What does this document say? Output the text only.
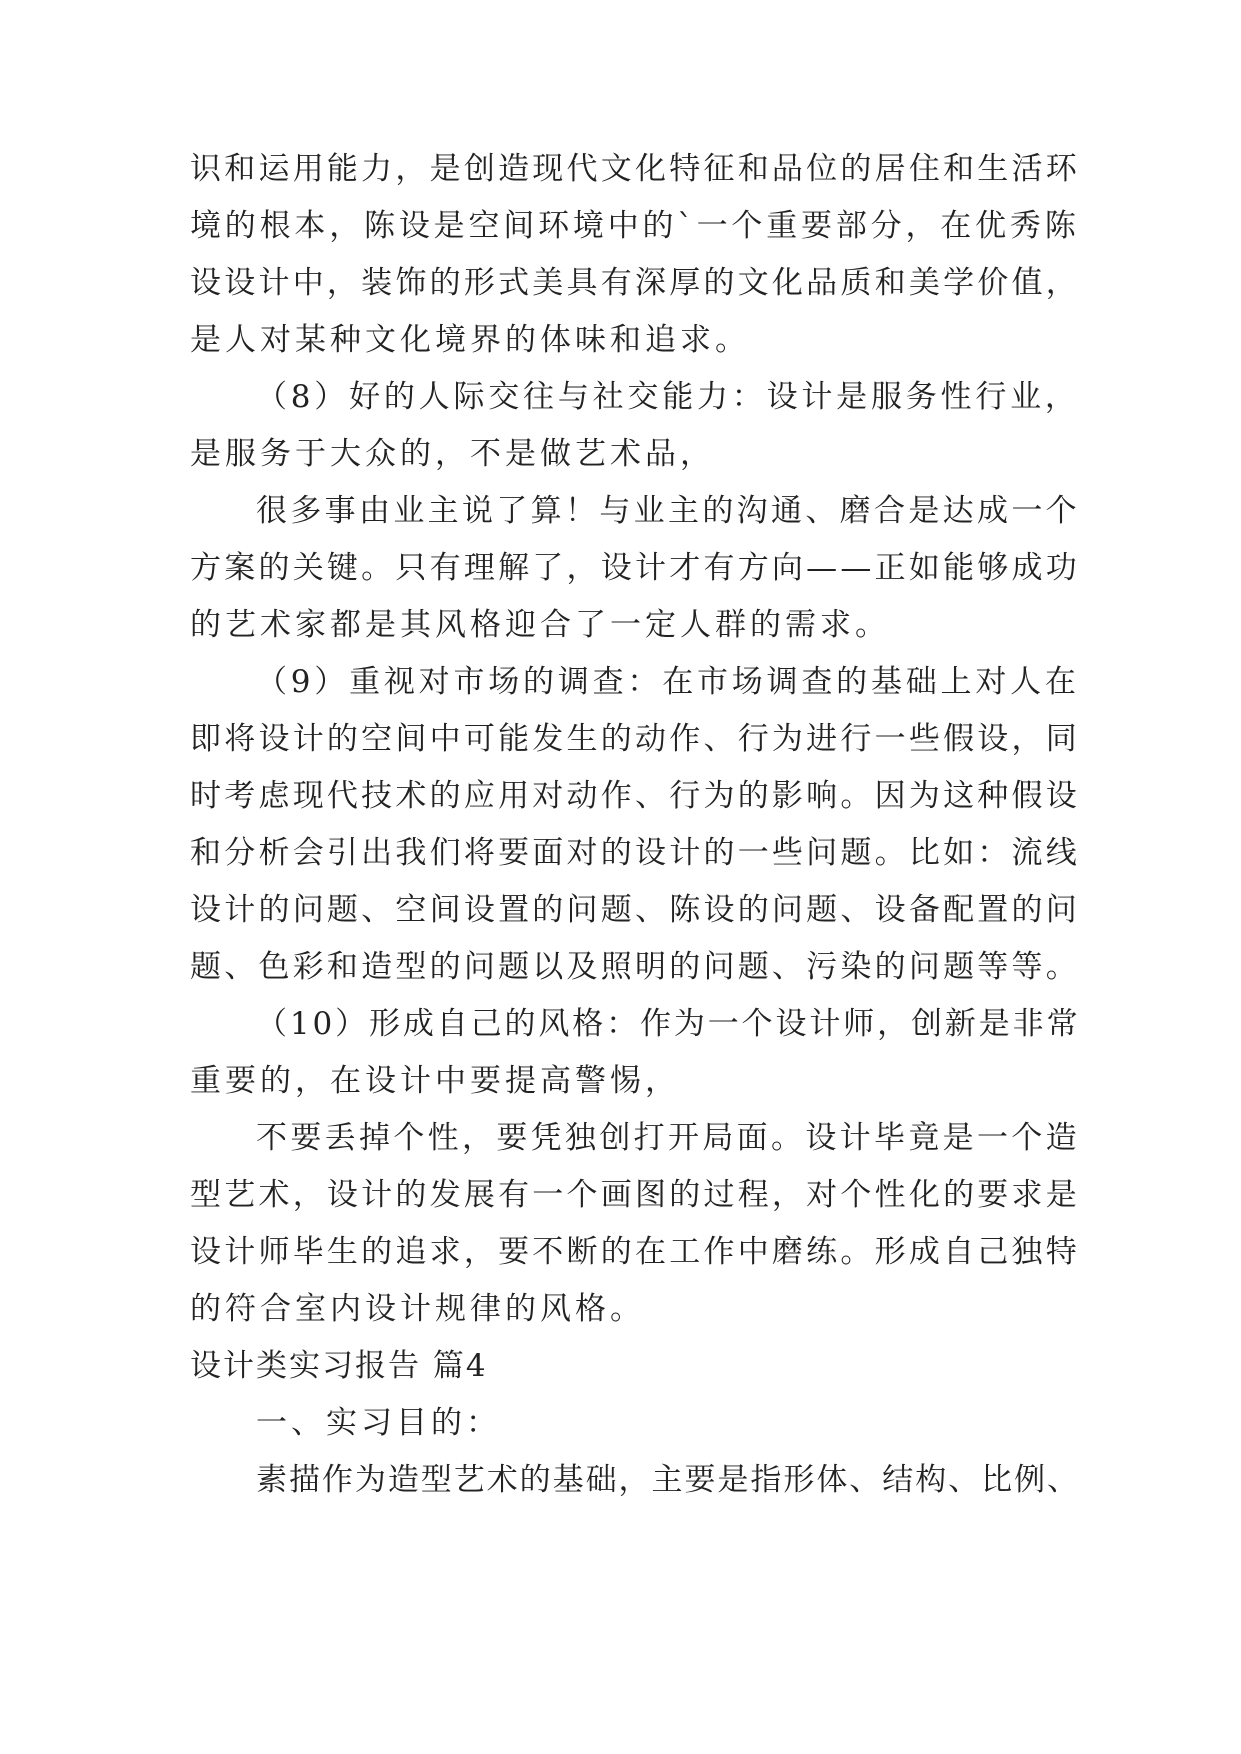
识和运用能力，是创造现代文化特征和品位的居住和生活环
境的根本，陈设是空间环境中的`一个重要部分，在优秀陈
设设计中，装饰的形式美具有深厚的文化品质和美学价值，
是人对某种文化境界的体味和追求。
（8）好的人际交往与社交能力：设计是服务性行业，
是服务于大众的，不是做艺术品，
很多事由业主说了算！与业主的沟通、磨合是达成一个
方案的关键。只有理解了，设计才有方向——正如能够成功
的艺术家都是其风格迎合了一定人群的需求。
（9）重视对市场的调查：在市场调查的基础上对人在
即将设计的空间中可能发生的动作、行为进行一些假设，同
时考虑现代技术的应用对动作、行为的影响。因为这种假设
和分析会引出我们将要面对的设计的一些问题。比如：流线
设计的问题、空间设置的问题、陈设的问题、设备配置的问
题、色彩和造型的问题以及照明的问题、污染的问题等等。
（10）形成自己的风格：作为一个设计师，创新是非常
重要的，在设计中要提高警惕，
不要丢掉个性，要凭独创打开局面。设计毕竟是一个造
型艺术，设计的发展有一个画图的过程，对个性化的要求是
设计师毕生的追求，要不断的在工作中磨练。形成自己独特
的符合室内设计规律的风格。
设计类实习报告 篇4
一、实习目的：
素描作为造型艺术的基础，主要是指形体、结构、比例、
